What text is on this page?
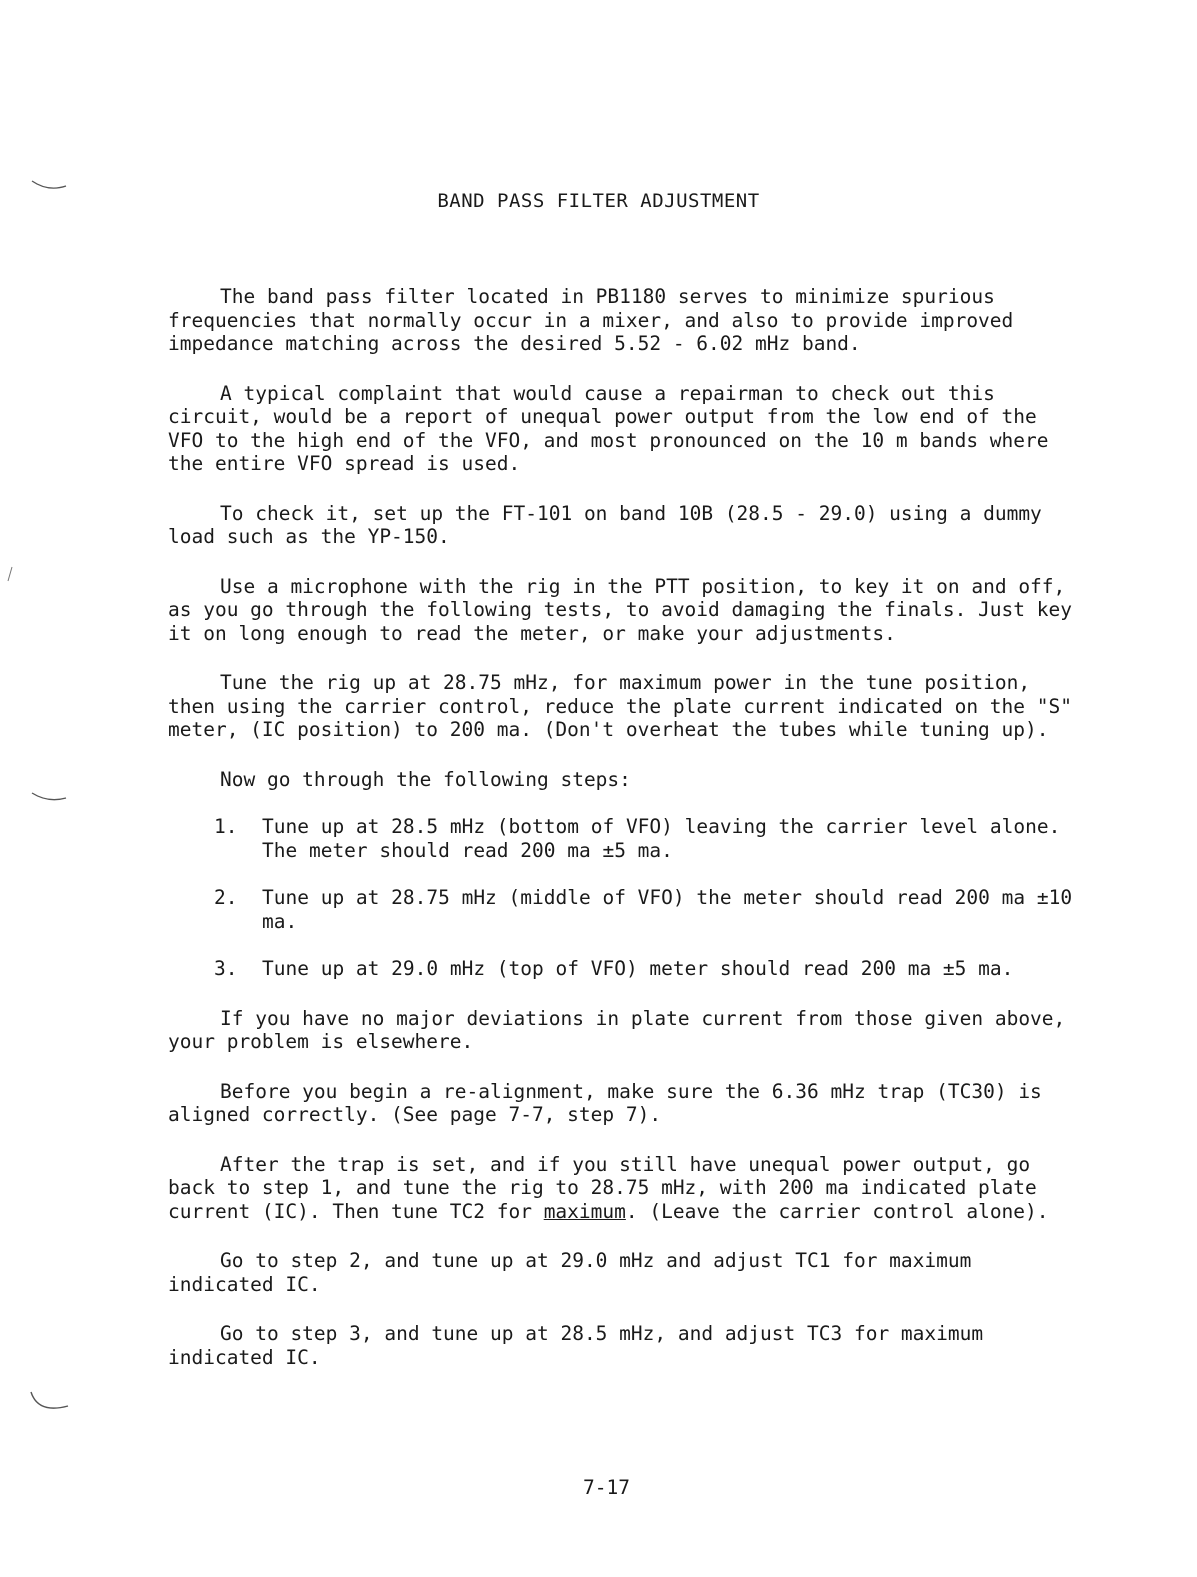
BAND PASS FILTER ADJUSTMENT

The band pass filter located in PB1180 serves to minimize spurious frequencies that normally occur in a mixer, and also to provide improved impedance matching across the desired 5.52 - 6.02 mHz band.

A typical complaint that would cause a repairman to check out this circuit, would be a report of unequal power output from the low end of the VFO to the high end of the VFO, and most pronounced on the 10 m bands where the entire VFO spread is used.

To check it, set up the FT-101 on band 10B (28.5 - 29.0) using a dummy load such as the YP-150.

Use a microphone with the rig in the PTT position, to key it on and off, as you go through the following tests, to avoid damaging the finals. Just key it on long enough to read the meter, or make your adjustments.

Tune the rig up at 28.75 mHz, for maximum power in the tune position, then using the carrier control, reduce the plate current indicated on the "S" meter, (IC position) to 200 ma. (Don't overheat the tubes while tuning up).

Now go through the following steps:

1.	Tune up at 28.5 mHz (bottom of VFO) leaving the carrier level alone. The meter should read 200 ma ±5 ma.
2.	Tune up at 28.75 mHz (middle of VFO) the meter should read 200 ma ±10 ma.
3.	Tune up at 29.0 mHz (top of VFO) meter should read 200 ma ±5 ma.

If you have no major deviations in plate current from those given above, your problem is elsewhere.

Before you begin a re-alignment, make sure the 6.36 mHz trap (TC30) is aligned correctly. (See page 7-7, step 7).

After the trap is set, and if you still have unequal power output, go back to step 1, and tune the rig to 28.75 mHz, with 200 ma indicated plate current (IC). Then tune TC2 for maximum. (Leave the carrier control alone).

Go to step 2, and tune up at 29.0 mHz and adjust TC1 for maximum indicated IC.

Go to step 3, and tune up at 28.5 mHz, and adjust TC3 for maximum indicated IC.

7-17
